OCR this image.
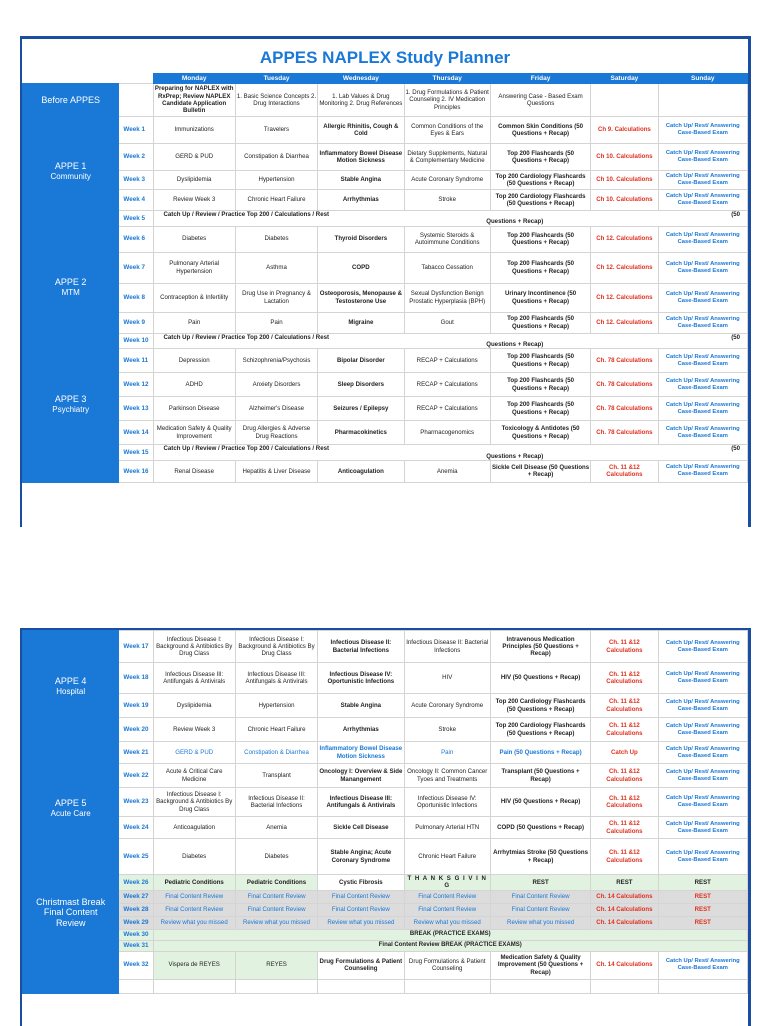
APPES NAPLEX Study Planner								
		Monday	Tuesday	Wednesday	Thursday	Friday	Saturday	Sunday
Before APPES		Preparing for NAPLEX with RxPrep; Review NAPLEX Candidate Application Bulletin	1. Basic Science Concepts 2. Drug Interactions	1. Lab Values & Drug Monitoring 2. Drug References	1. Drug Formulations & Patient Counseling 2. IV Medication Principles	Answering Case - Based Exam Questions		

APPE 1
Community	Week 1	Immunizations	Travelers	Allergic Rhinitis, Cough & Cold	Common Conditions of the Eyes & Ears	Common Skin Conditions (50 Questions + Recap)	Ch 9. Calculations	Catch Up/ Rest/ Answering Case-Based Exam
	Week 2	GERD & PUD	Constipation & Diarrhea	Inflammatory Bowel Disease Motion Sickness	Dietary Supplements, Natural & Complementary Medicine	Top 200 Flashcards (50 Questions + Recap)	Ch 10. Calculations	Catch Up/ Rest/ Answering Case-Based Exam
	Week 3	Dyslipidemia	Hypertension	Stable Angina	Acute Coronary Syndrome	Top 200 Cardiology Flashcards (50 Questions + Recap)	Ch 10. Calculations	Catch Up/ Rest/ Answering Case-Based Exam
	Week 4	Review Week 3	Chronic Heart Failure	Arrhythmias	Stroke	Top 200 Cardiology Flashcards (50 Questions + Recap)	Ch 10. Calculations	Catch Up/ Rest/ Answering Case-Based Exam
	Week 5	Catch Up / Review / Practice Top 200 / Calculations / Rest (50
Questions + Recap)						

APPE 2
MTM	Week 6	Diabetes	Diabetes	Thyroid Disorders	Systemic Steroids & Autoimmune Conditions	Top 200 Flashcards (50 Questions + Recap)	Ch 12. Calculations	Catch Up/ Rest/ Answering Case-Based Exam
	Week 7	Pulmonary Arterial Hypertension	Asthma	COPD	Tabacco Cessation	Top 200 Flashcards (50 Questions + Recap)	Ch 12. Calculations	Catch Up/ Rest/ Answering Case-Based Exam
	Week 8	Contraception & Infertility	Drug Use in Pregnancy & Lactation	Osteoporosis, Menopause & Testosterone Use	Sexual Dysfunction Benign Prostatic Hyperplasia (BPH)	Urinary Incontinence (50 Questions + Recap)	Ch 12. Calculations	Catch Up/ Rest/ Answering Case-Based Exam
	Week 9	Pain	Pain	Migraine	Gout	Top 200 Flashcards (50 Questions + Recap)	Ch 12. Calculations	Catch Up/ Rest/ Answering Case-Based Exam
	Week 10	Catch Up / Review / Practice Top 200 / Calculations / Rest (50
Questions + Recap)						

APPE 3
Psychiatry	Week 11	Depression	Schizophrenia/Psychosis	Bipolar Disorder	RECAP + Calculations	Top 200 Flashcards (50 Questions + Recap)	Ch. 78 Calculations	Catch Up/ Rest/ Answering Case-Based Exam
	Week 12	ADHD	Anxiety Disorders	Sleep Disorders	RECAP + Calculations	Top 200 Flashcards (50 Questions + Recap)	Ch. 78 Calculations	Catch Up/ Rest/ Answering Case-Based Exam
	Week 13	Parkinson Disease	Alzheimer's Disease	Seizures / Epilepsy	RECAP + Calculations	Top 200 Flashcards (50 Questions + Recap)	Ch. 78 Calculations	Catch Up/ Rest/ Answering Case-Based Exam
	Week 14	Medication Safety & Quality Improvement	Drug Allergies & Adverse Drug Reactions	Pharmacokinetics	Pharmacogenomics	Toxicology & Antidotes (50 Questions + Recap)	Ch. 78 Calculations	Catch Up/ Rest/ Answering Case-Based Exam
	Week 15	Catch Up / Review / Practice Top 200 / Calculations / Rest (50
Questions + Recap)						

	Week 16	Renal Disease	Hepatitis & Liver Disease	Anticoagulation	Anemia	Sickle Cell Disease (50 Questions + Recap)	Ch. 11 &12 Calculations	Catch Up/ Rest/ Answering Case-Based Exam
APPE 4
Hospital	Week 17	Infectious Disease I: Background & Antibiotics By Drug Class	Infectious Disease I: Background & Antibiotics By Drug Class	Infectious Disease II: Bacterial Infections	Infectious Disease II: Bacterial Infections	Intravenous Medication Principles (50 Questions + Recap)	Ch. 11 &12 Calculations	Catch Up/ Rest/ Answering Case-Based Exam
	Week 18	Infectious Disease III: Antifungals & Antivirals	Infectious Disease III: Antifungals & Antivirals	Infectious Disease IV: Oportunistic Infections	HIV	HIV (50 Questions + Recap)	Ch. 11 &12 Calculations	Catch Up/ Rest/ Answering Case-Based Exam
	Week 19	Dyslipidemia	Hypertension	Stable Angina	Acute Coronary Syndrome	Top 200 Cardiology Flashcards (50 Questions + Recap)	Ch. 11 &12 Calculations	Catch Up/ Rest/ Answering Case-Based Exam
	Week 20	Review Week 3	Chronic Heart Failure	Arrhythmias	Stroke	Top 200 Cardiology Flashcards (50 Questions + Recap)	Ch. 11 &12 Calculations	Catch Up/ Rest/ Answering Case-Based Exam

APPE 5
Acute Care	Week 21	GERD & PUD	Constipation & Diarrhea	Inflammatory Bowel Disease Motion Sickness	Pain	Pain (50 Questions + Recap)	Catch Up	Catch Up/ Rest/ Answering Case-Based Exam
	Week 22	Acute & Critical Care Medicine	Transplant	Oncology I: Overview & Side Manangement	Oncology II: Common Cancer Tyoes and Treatments	Transplant (50 Questions + Recap)	Ch. 11 &12 Calculations	Catch Up/ Rest/ Answering Case-Based Exam
	Week 23	Infectious Disease I: Background & Antibiotics By Drug Class	Infectious Disease II: Bacterial Infections	Infectious Disease III: Antifungals & Antivirals	Infectious Disease IV: Oportunistic Infections	HIV (50 Questions + Recap)	Ch. 11 &12 Calculations	Catch Up/ Rest/ Answering Case-Based Exam
	Week 24	Anticoagulation	Anemia	Sickle Cell Disease	Pulmonary Arterial HTN	COPD (50 Questions + Recap)	Ch. 11 &12 Calculations	Catch Up/ Rest/ Answering Case-Based Exam
	Week 25	Diabetes	Diabetes	Stable Angina; Acute Coronary Syndrome	Chronic Heart Failure	Arrhytmias Stroke (50 Questions + Recap)	Ch. 11 &12 Calculations	Catch Up/ Rest/ Answering Case-Based Exam
Christmast Break Final Content Review	Week 26	Pediatric Conditions	Pediatric Conditions	Cystic Fibrosis	T H A N K S G I V I N G	REST	REST	REST
	Week 27	Final Content Review	Final Content Review	Final Content Review	Final Content Review	Final Content Review	Ch. 14 Calculations	REST
	Week 28	Final Content Review	Final Content Review	Final Content Review	Final Content Review	Final Content Review	Ch. 14 Calculations	REST
	Week 29	Review what you missed	Review what you missed	Review what you missed	Review what you missed	Review what you missed	Ch. 14 Calculations	REST
	Week 30	BREAK (PRACTICE EXAMS)						
	Week 31	Final Content Review BREAK (PRACTICE EXAMS)						
	Week 32	Vispera de REYES	REYES	Drug Formulations & Patient Counseling	Drug Formulations & Patient Counseling	Medication Safety & Quality Improvement (50 Questions + Recap)	Ch. 14 Calculations	Catch Up/ Rest/ Answering Case-Based Exam
